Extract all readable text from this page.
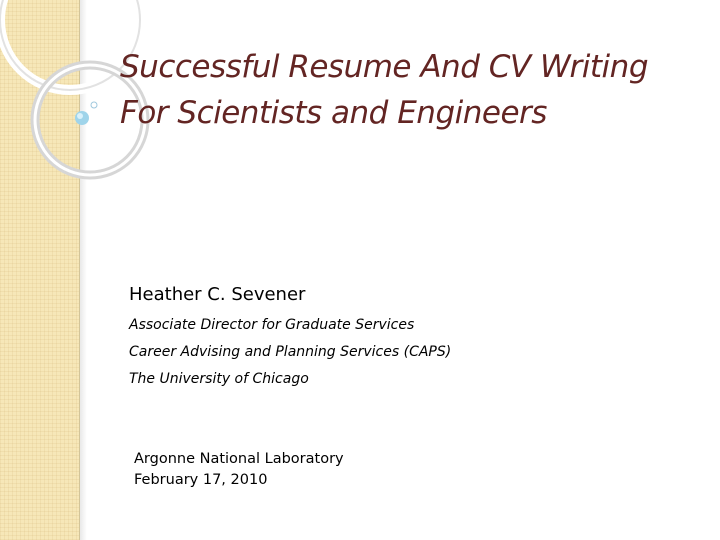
Successful Resume And CV Writing
For Scientists and Engineers

Heather C. Sevener

Associate Director for Graduate Services

Career Advising and Planning Services (CAPS)

The University of Chicago

Argonne National Laboratory
February 17, 2010
